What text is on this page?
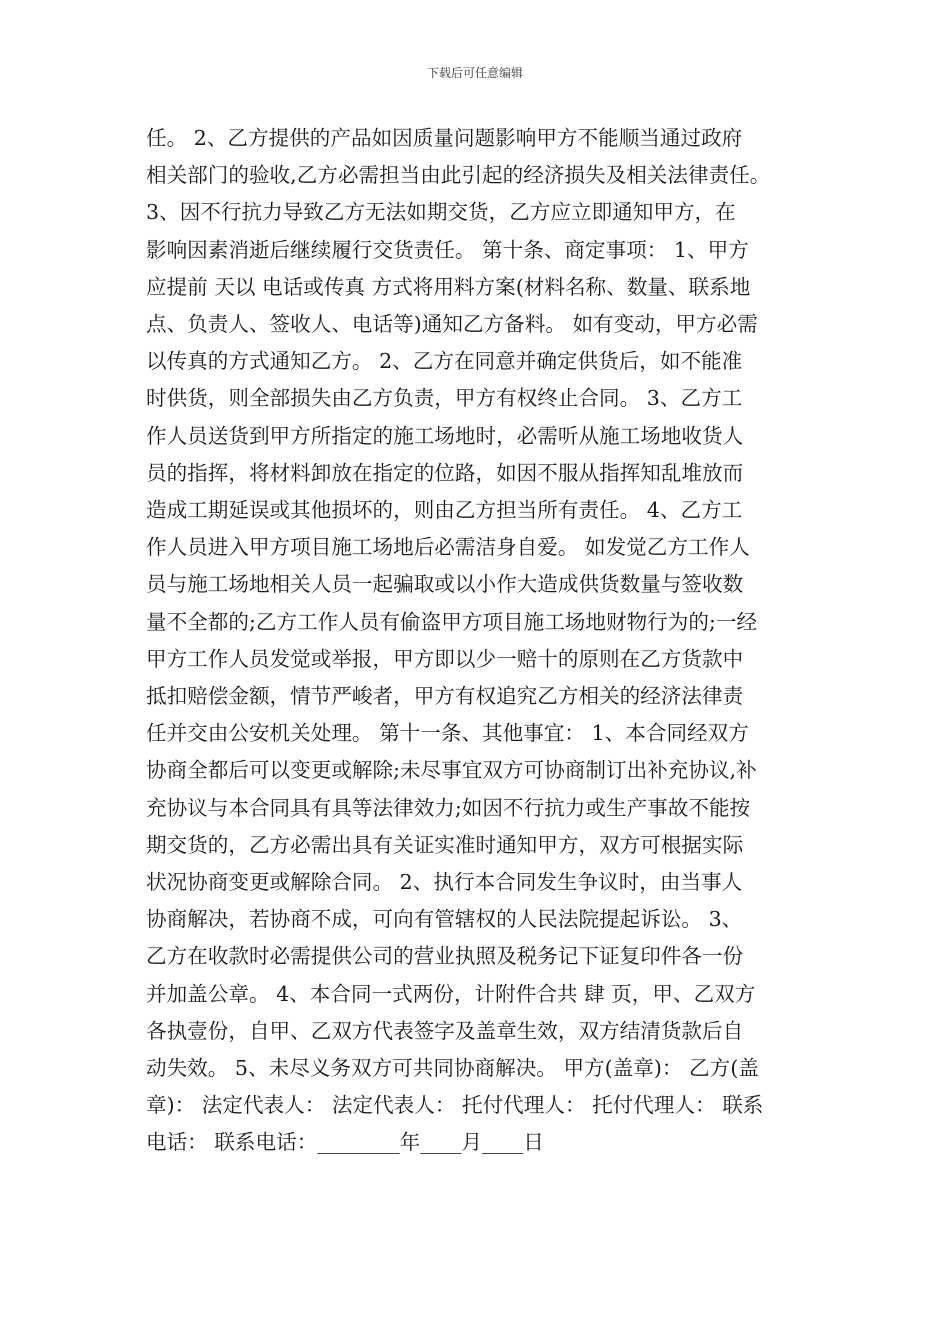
下载后可任意编辑
任。 2、乙方提供的产品如因质量问题影响甲方不能顺当通过政府
相关部门的验收,乙方必需担当由此引起的经济损失及相关法律责任。
3、因不行抗力导致乙方无法如期交货，乙方应立即通知甲方，在
影响因素消逝后继续履行交货责任。 第十条、商定事项： 1、甲方
应提前 天以 电话或传真 方式将用料方案(材料名称、数量、联系地
点、负责人、签收人、电话等)通知乙方备料。 如有变动，甲方必需
以传真的方式通知乙方。 2、乙方在同意并确定供货后，如不能准
时供货，则全部损失由乙方负责，甲方有权终止合同。 3、乙方工
作人员送货到甲方所指定的施工场地时，必需听从施工场地收货人
员的指挥，将材料卸放在指定的位路，如因不服从指挥知乱堆放而
造成工期延误或其他损坏的，则由乙方担当所有责任。 4、乙方工
作人员进入甲方项目施工场地后必需洁身自爱。 如发觉乙方工作人
员与施工场地相关人员一起骗取或以小作大造成供货数量与签收数
量不全都的;乙方工作人员有偷盗甲方项目施工场地财物行为的;一经
甲方工作人员发觉或举报，甲方即以少一赔十的原则在乙方货款中
抵扣赔偿金额，情节严峻者，甲方有权追究乙方相关的经济法律责
任并交由公安机关处理。 第十一条、其他事宜： 1、本合同经双方
协商全都后可以变更或解除;未尽事宜双方可协商制订出补充协议,补
充协议与本合同具有具等法律效力;如因不行抗力或生产事故不能按
期交货的，乙方必需出具有关证实准时通知甲方，双方可根据实际
状况协商变更或解除合同。 2、执行本合同发生争议时，由当事人
协商解决，若协商不成，可向有管辖权的人民法院提起诉讼。 3、
乙方在收款时必需提供公司的营业执照及税务记下证复印件各一份
并加盖公章。 4、本合同一式两份，计附件合共 肆 页，甲、乙双方
各执壹份，自甲、乙双方代表签字及盖章生效，双方结清货款后自
动失效。 5、未尽义务双方可共同协商解决。 甲方(盖章)： 乙方(盖
章)： 法定代表人： 法定代表人： 托付代理人： 托付代理人： 联系
电话： 联系电话：________年____月____日
